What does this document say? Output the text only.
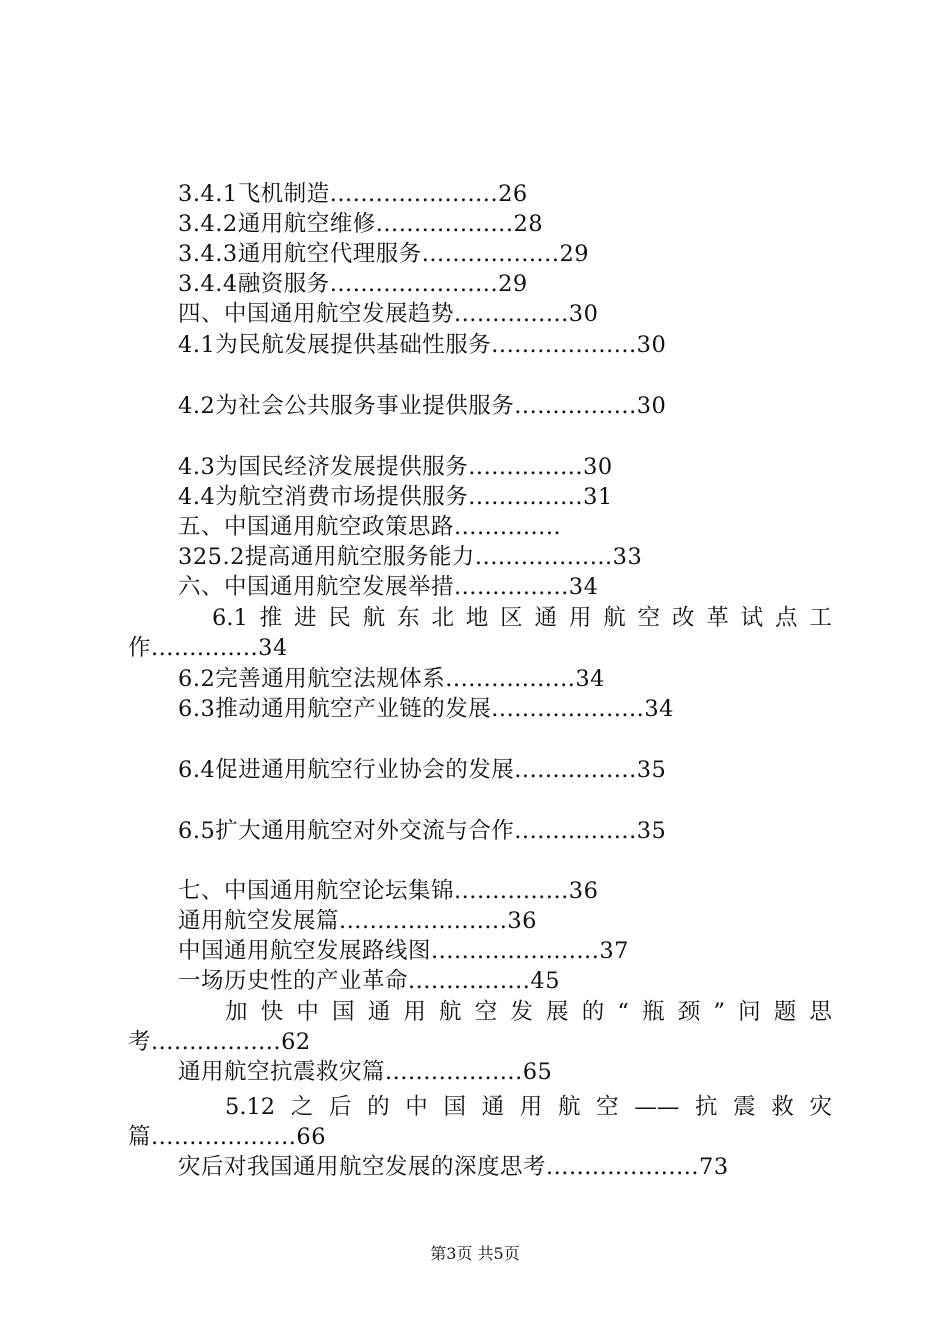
3.4.1飞机制造......................26
3.4.2通用航空维修..................28
3.4.3通用航空代理服务..................29
3.4.4融资服务......................29
四、中国通用航空发展趋势...............30
4.1为民航发展提供基础性服务...................30
4.2为社会公共服务事业提供服务................30
4.3为国民经济发展提供服务...............30
4.4为航空消费市场提供服务...............31
五、中国通用航空政策思路..............
325.2提高通用航空服务能力..................33
六、中国通用航空发展举措...............34
6.1 推 进 民 航 东 北 地 区 通 用 航 空 改 革 试 点 工
作..............34
6.2完善通用航空法规体系.................34
6.3推动通用航空产业链的发展....................34
6.4促进通用航空行业协会的发展................35
6.5扩大通用航空对外交流与合作................35
七、中国通用航空论坛集锦...............36
通用航空发展篇......................36
中国通用航空发展路线图......................37
一场历史性的产业革命................45
加 快 中 国 通 用 航 空 发 展 的 “ 瓶 颈 ” 问 题 思
考.................62
通用航空抗震救灾篇..................65
5.12 之 后 的 中 国 通 用 航 空 —— 抗 震 救 灾
篇...................66
灾后对我国通用航空发展的深度思考....................73
第3页 共5页
